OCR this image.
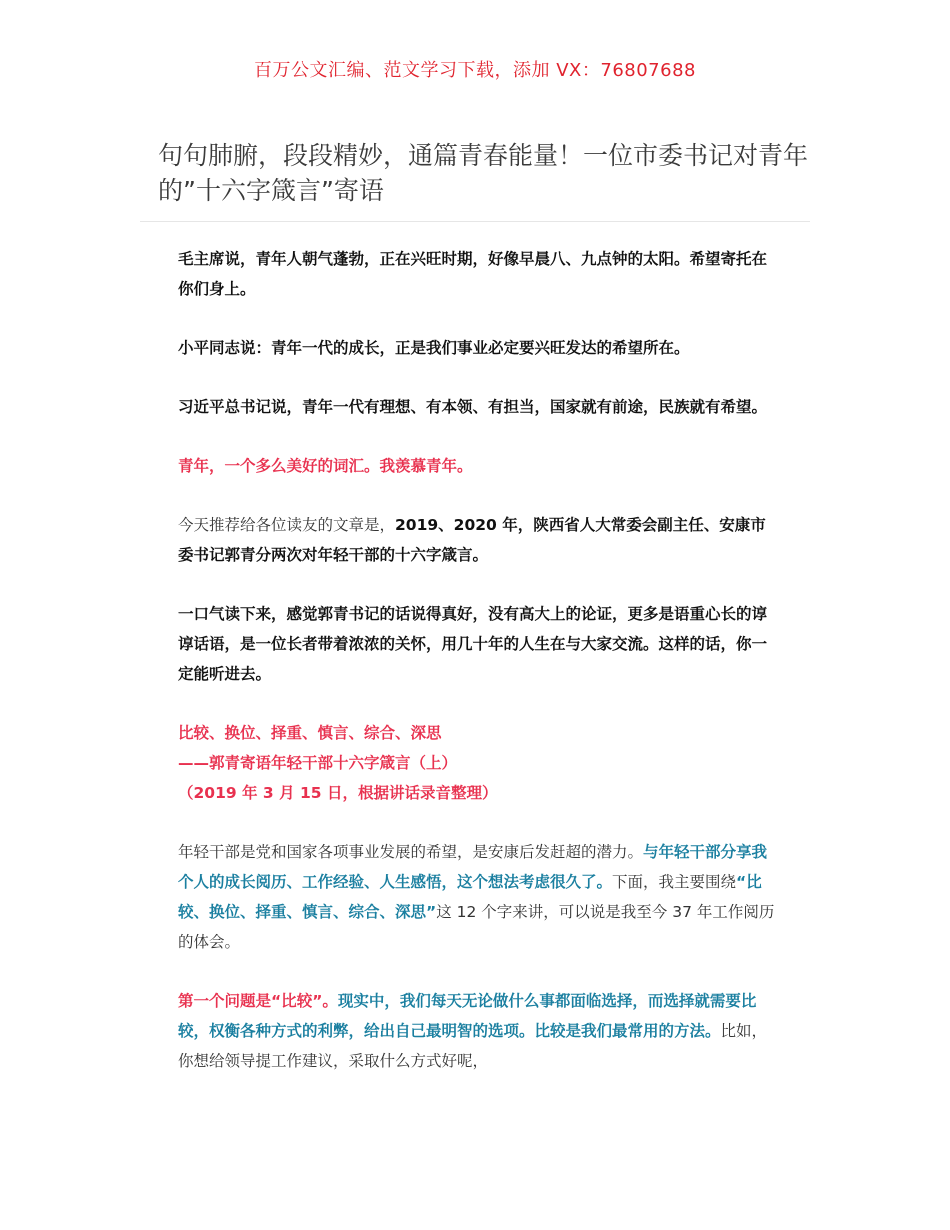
百万公文汇编、范文学习下载，添加 VX：76807688
句句肺腑，段段精妙，通篇青春能量！一位市委书记对青年的”十六字箴言”寄语

毛主席说，青年人朝气蓬勃，正在兴旺时期，好像早晨八、九点钟的太阳。希望寄托在你们身上。

小平同志说：青年一代的成长，正是我们事业必定要兴旺发达的希望所在。

习近平总书记说，青年一代有理想、有本领、有担当，国家就有前途，民族就有希望。

青年，一个多么美好的词汇。我羡慕青年。

今天推荐给各位读友的文章是，2019、2020 年，陕西省人大常委会副主任、安康市委书记郭青分两次对年轻干部的十六字箴言。

一口气读下来，感觉郭青书记的话说得真好，没有高大上的论证，更多是语重心长的谆谆话语，是一位长者带着浓浓的关怀，用几十年的人生在与大家交流。这样的话，你一定能听进去。

比较、换位、择重、慎言、综合、深思
——郭青寄语年轻干部十六字箴言（上）
（2019 年 3 月 15 日，根据讲话录音整理）

年轻干部是党和国家各项事业发展的希望，是安康后发赶超的潜力。与年轻干部分享我个人的成长阅历、工作经验、人生感悟，这个想法考虑很久了。下面，我主要围绕“比较、换位、择重、慎言、综合、深思”这 12 个字来讲，可以说是我至今 37 年工作阅历的体会。

第一个问题是“比较”。现实中，我们每天无论做什么事都面临选择，而选择就需要比较，权衡各种方式的利弊，给出自己最明智的选项。比较是我们最常用的方法。比如，你想给领导提工作建议，采取什么方式好呢，
